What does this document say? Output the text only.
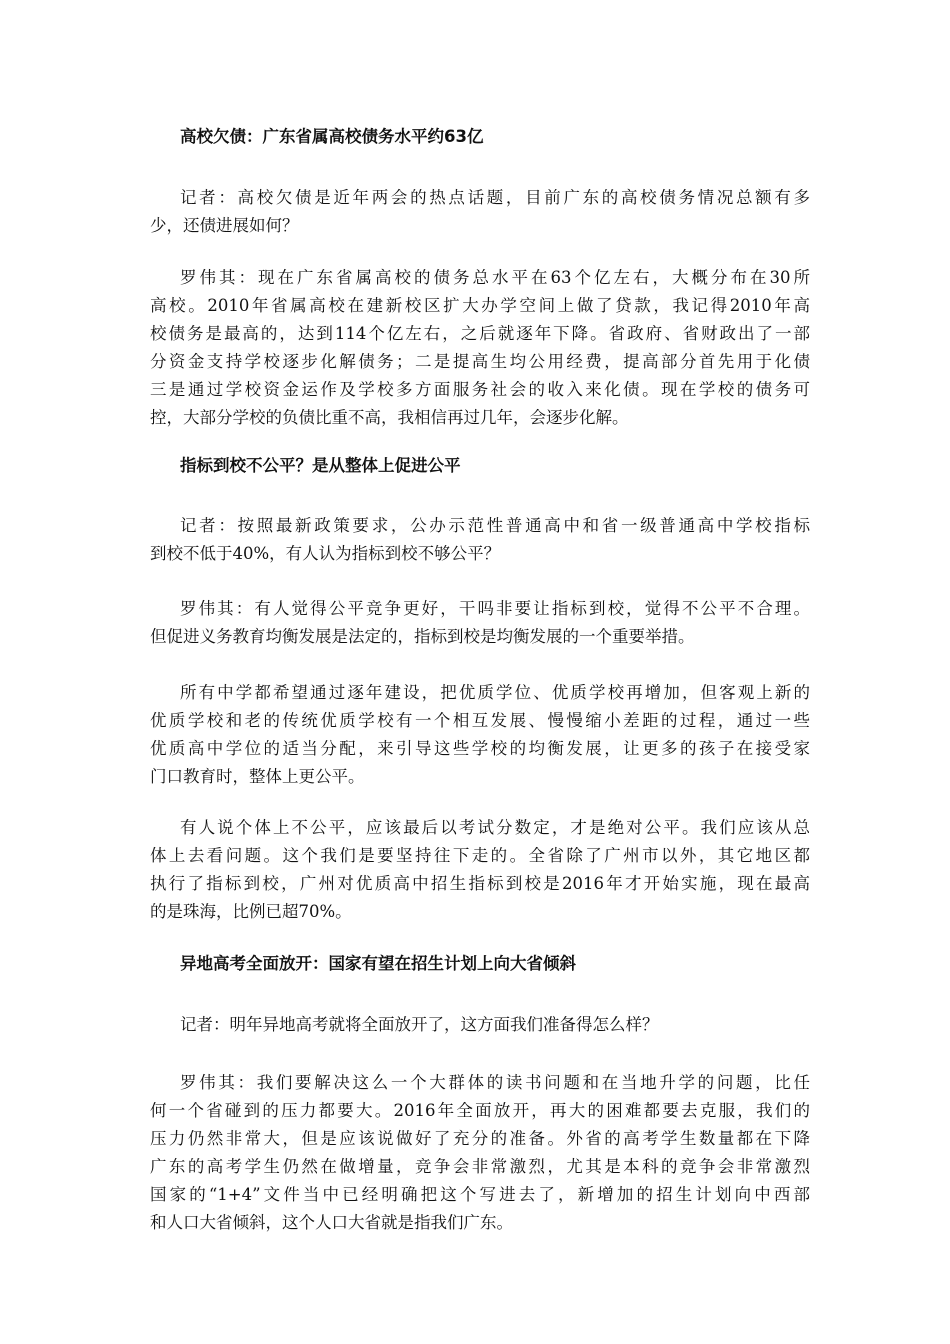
高校欠债：广东省属高校债务水平约63亿

记者：高校欠债是近年两会的热点话题，目前广东的高校债务情况总额有多
少，还债进展如何？

罗伟其：现在广东省属高校的债务总水平在63个亿左右，大概分布在30所
高校。2010年省属高校在建新校区扩大办学空间上做了贷款，我记得2010年高
校债务是最高的，达到114个亿左右，之后就逐年下降。省政府、省财政出了一部
分资金支持学校逐步化解债务；二是提高生均公用经费，提高部分首先用于化债
三是通过学校资金运作及学校多方面服务社会的收入来化债。现在学校的债务可
控，大部分学校的负债比重不高，我相信再过几年，会逐步化解。

指标到校不公平？是从整体上促进公平

记者：按照最新政策要求，公办示范性普通高中和省一级普通高中学校指标
到校不低于40%，有人认为指标到校不够公平？

罗伟其：有人觉得公平竞争更好，干吗非要让指标到校，觉得不公平不合理。
但促进义务教育均衡发展是法定的，指标到校是均衡发展的一个重要举措。

所有中学都希望通过逐年建设，把优质学位、优质学校再增加，但客观上新的
优质学校和老的传统优质学校有一个相互发展、慢慢缩小差距的过程，通过一些
优质高中学位的适当分配，来引导这些学校的均衡发展，让更多的孩子在接受家
门口教育时，整体上更公平。

有人说个体上不公平，应该最后以考试分数定，才是绝对公平。我们应该从总
体上去看问题。这个我们是要坚持往下走的。全省除了广州市以外，其它地区都
执行了指标到校，广州对优质高中招生指标到校是2016年才开始实施，现在最高
的是珠海，比例已超70%。

异地高考全面放开：国家有望在招生计划上向大省倾斜

记者：明年异地高考就将全面放开了，这方面我们准备得怎么样？

罗伟其：我们要解决这么一个大群体的读书问题和在当地升学的问题，比任
何一个省碰到的压力都要大。2016年全面放开，再大的困难都要去克服，我们的
压力仍然非常大，但是应该说做好了充分的准备。外省的高考学生数量都在下降
广东的高考学生仍然在做增量，竞争会非常激烈，尤其是本科的竞争会非常激烈
国家的“1+4”文件当中已经明确把这个写进去了，新增加的招生计划向中西部
和人口大省倾斜，这个人口大省就是指我们广东。
